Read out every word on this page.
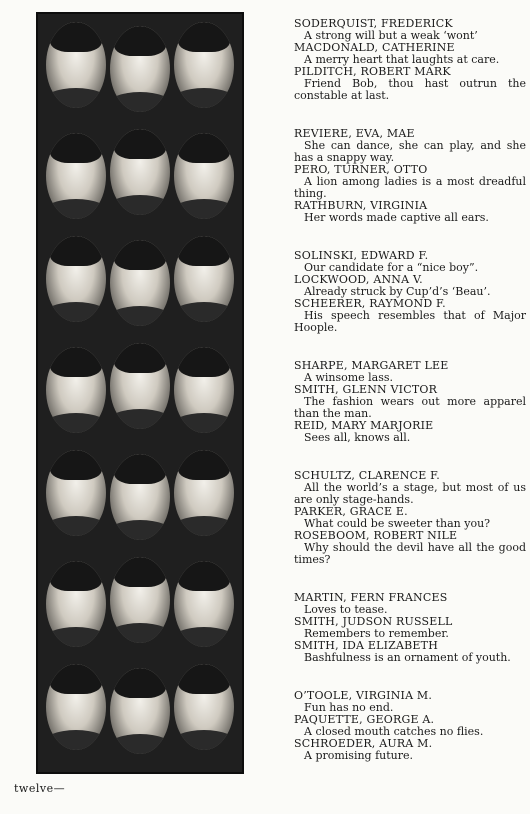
SODERQUIST, FREDERICK
A strong will but a weak ‘wont’
MACDONALD, CATHERINE
A merry heart that laughts at care.
PILDITCH, ROBERT MARK
Friend Bob, thou hast outrun the constable at last.
REVIERE, EVA, MAE
She can dance, she can play, and she has a snappy way.
PERO, TURNER, OTTO
A lion among ladies is a most dreadful thing.
RATHBURN, VIRGINIA
Her words made captive all ears.
SOLINSKI, EDWARD F.
Our candidate for a “nice boy”.
LOCKWOOD, ANNA V.
Already struck by Cup’d’s ‘Beau’.
SCHEERER, RAYMOND F.
His speech resembles that of Major Hoople.
SHARPE, MARGARET LEE
A winsome lass.
SMITH, GLENN VICTOR
The fashion wears out more apparel than the man.
REID, MARY MARJORIE
Sees all, knows all.
SCHULTZ, CLARENCE F.
All the world’s a stage, but most of us are only stage-hands.
PARKER, GRACE E.
What could be sweeter than you?
ROSEBOOM, ROBERT NILE
Why should the devil have all the good times?
MARTIN, FERN FRANCES
Loves to tease.
SMITH, JUDSON RUSSELL
Remembers to remember.
SMITH, IDA ELIZABETH
Bashfulness is an ornament of youth.
O’TOOLE, VIRGINIA M.
Fun has no end.
PAQUETTE, GEORGE A.
A closed mouth catches no flies.
SCHROEDER, AURA M.
A promising future.
twelve—
